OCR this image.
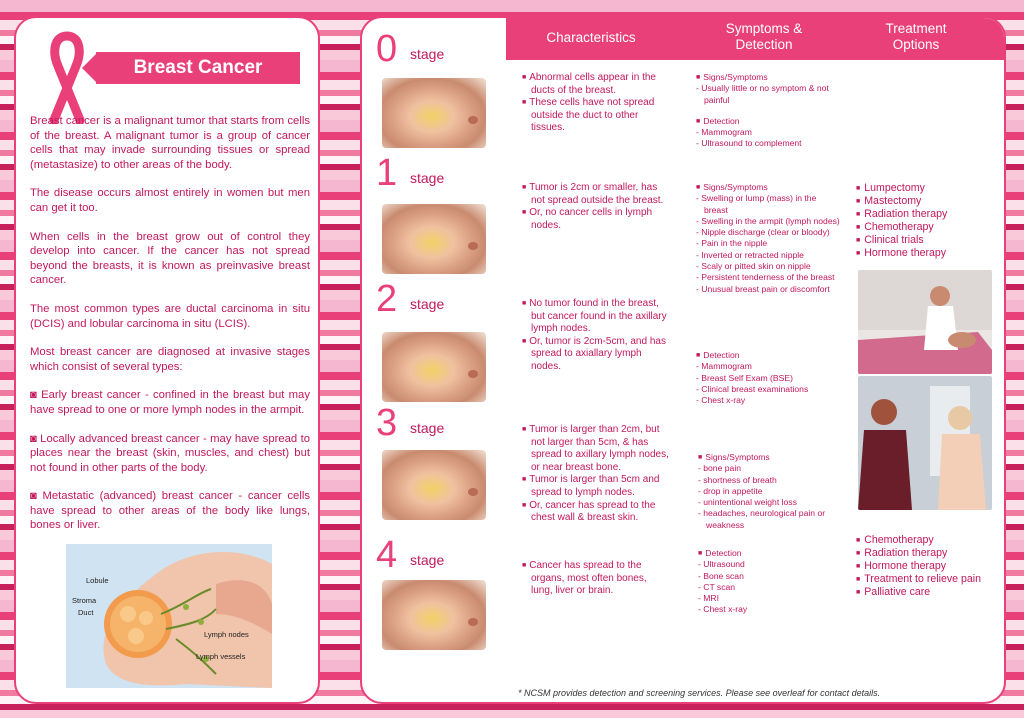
Breast Cancer

Breast cancer is a malignant tumor that starts from cells of the breast. A malignant tumor is a group of cancer cells that may invade surrounding tissues or spread (metastasize) to other areas of the body.

The disease occurs almost entirely in women but men can get it too.

When cells in the breast grow out of control they develop into cancer. If the cancer has not spread beyond the breasts, it is known as preinvasive breast cancer.

The most common types are ductal carcinoma in situ (DCIS) and lobular carcinoma in situ (LCIS).

Most breast cancer are diagnosed at invasive stages which consist of several types:

◙ Early breast cancer - confined in the breast but may have spread to one or more lymph nodes in the armpit.

◙ Locally advanced breast cancer - may have spread to places near the breast (skin, muscles, and chest) but not found in other parts of the body.

◙ Metastatic (advanced) breast cancer - cancer cells have spread to other areas of the body like lungs, bones or liver.

Lobule
Stroma
Duct
Lymph nodes
Lymph vessels
Characteristics
Symptoms & Detection
Treatment Options
0 stage
1 stage
2 stage
3 stage
4 stage
■ Abnormal cells appear in the ducts of the breast.
■ These cells have not spread outside the duct to other tissues.
■ Tumor is 2cm or smaller, has not spread outside the breast.
■ Or, no cancer cells in lymph nodes.
■ No tumor found in the breast, but cancer found in the axillary lymph nodes.
■ Or, tumor is 2cm-5cm, and has spread to axiallary lymph nodes.
■ Tumor is larger than 2cm, but not larger than 5cm, & has spread to axillary lymph nodes, or near breast bone.
■ Tumor is larger than 5cm and spread to lymph nodes.
■ Or, cancer has spread to the chest wall & breast skin.
■ Cancer has spread to the organs, most often bones, lung, liver or brain.
■ Signs/Symptoms
- Usually little or no symptom & not painful
■ Detection
- Mammogram
- Ultrasound to complement
■ Signs/Symptoms
- Swelling or lump (mass) in the breast
- Swelling in the armpit (lymph nodes)
- Nipple discharge (clear or bloody)
- Pain in the nipple
- Inverted or retracted nipple
- Scaly or pitted skin on nipple
- Persistent tenderness of the breast
- Unusual breast pain or discomfort
■ Detection
- Mammogram
- Breast Self Exam (BSE)
- Clinical breast examinations
- Chest x-ray
■ Signs/Symptoms
- bone pain
- shortness of breath
- drop in appetite
- unintentional weight loss
- headaches, neurological pain or weakness
■ Detection
- Ultrasound
- Bone scan
- CT scan
- MRI
- Chest x-ray
■ Lumpectomy
■ Mastectomy
■ Radiation therapy
■ Chemotherapy
■ Clinical trials
■ Hormone therapy
■ Chemotherapy
■ Radiation therapy
■ Hormone therapy
■ Treatment to relieve pain
■ Palliative care
* NCSM provides detection and screening services. Please see overleaf for contact details.
